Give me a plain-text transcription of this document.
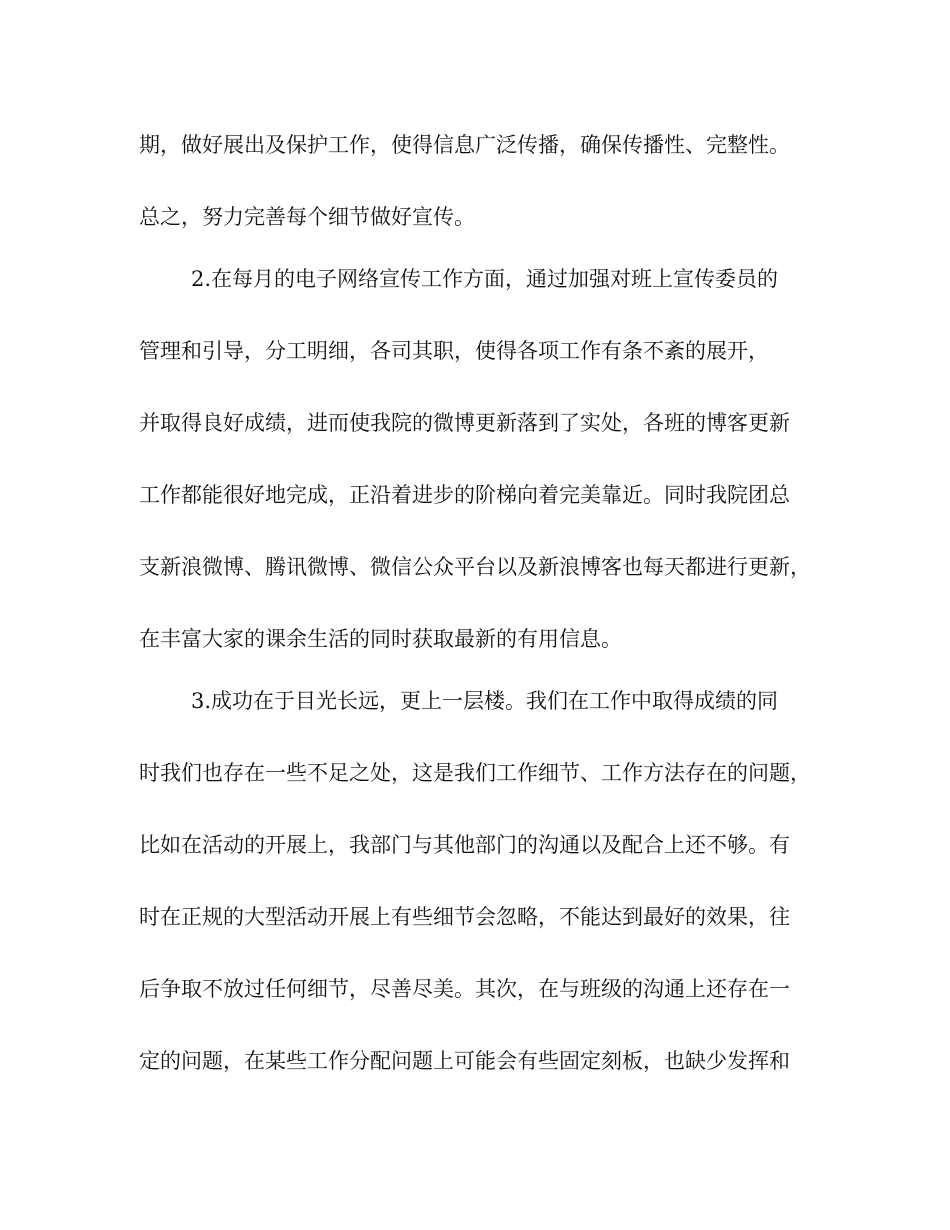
期，做好展出及保护工作，使得信息广泛传播，确保传播性、完整性。
总之，努力完善每个细节做好宣传。
2.在每月的电子网络宣传工作方面，通过加强对班上宣传委员的
管理和引导，分工明细，各司其职，使得各项工作有条不紊的展开，
并取得良好成绩，进而使我院的微博更新落到了实处，各班的博客更新
工作都能很好地完成，正沿着进步的阶梯向着完美靠近。同时我院团总
支新浪微博、腾讯微博、微信公众平台以及新浪博客也每天都进行更新，
在丰富大家的课余生活的同时获取最新的有用信息。
3.成功在于目光长远，更上一层楼。我们在工作中取得成绩的同
时我们也存在一些不足之处，这是我们工作细节、工作方法存在的问题，
比如在活动的开展上，我部门与其他部门的沟通以及配合上还不够。有
时在正规的大型活动开展上有些细节会忽略，不能达到最好的效果，往
后争取不放过任何细节，尽善尽美。其次，在与班级的沟通上还存在一
定的问题，在某些工作分配问题上可能会有些固定刻板，也缺少发挥和
